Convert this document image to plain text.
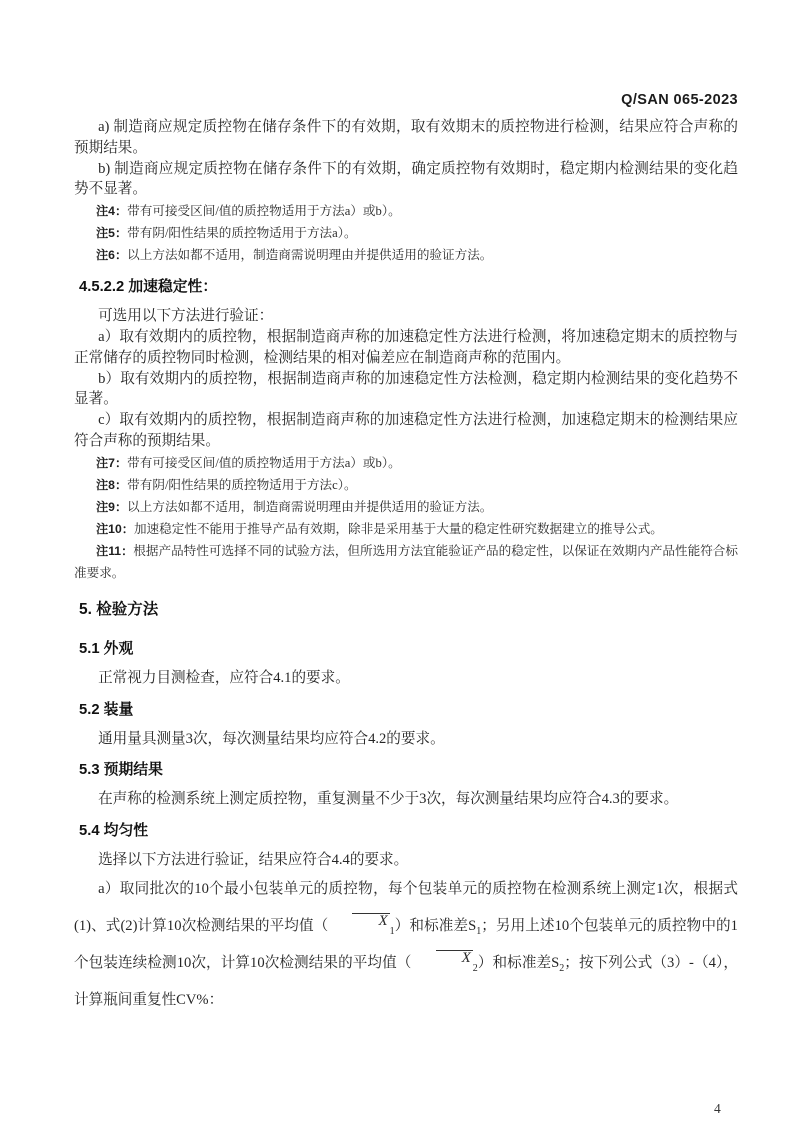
Q/SAN 065-2023

a) 制造商应规定质控物在储存条件下的有效期，取有效期末的质控物进行检测，结果应符合声称的预期结果。

b) 制造商应规定质控物在储存条件下的有效期，确定质控物有效期时，稳定期内检测结果的变化趋势不显著。

注4：带有可接受区间/值的质控物适用于方法a）或b）。

注5：带有阴/阳性结果的质控物适用于方法a）。

注6：以上方法如都不适用，制造商需说明理由并提供适用的验证方法。

4.5.2.2 加速稳定性：

可选用以下方法进行验证：

a）取有效期内的质控物，根据制造商声称的加速稳定性方法进行检测，将加速稳定期末的质控物与正常储存的质控物同时检测，检测结果的相对偏差应在制造商声称的范围内。

b）取有效期内的质控物，根据制造商声称的加速稳定性方法检测，稳定期内检测结果的变化趋势不显著。

c）取有效期内的质控物，根据制造商声称的加速稳定性方法进行检测，加速稳定期末的检测结果应符合声称的预期结果。

注7：带有可接受区间/值的质控物适用于方法a）或b）。

注8：带有阴/阳性结果的质控物适用于方法c）。

注9：以上方法如都不适用，制造商需说明理由并提供适用的验证方法。

注10：加速稳定性不能用于推导产品有效期，除非是采用基于大量的稳定性研究数据建立的推导公式。

注11：根据产品特性可选择不同的试验方法，但所选用方法宜能验证产品的稳定性，以保证在效期内产品性能符合标准要求。

5. 检验方法
5.1 外观

正常视力目测检查，应符合4.1的要求。

5.2 装量

通用量具测量3次，每次测量结果均应符合4.2的要求。

5.3 预期结果

在声称的检测系统上测定质控物，重复测量不少于3次，每次测量结果均应符合4.3的要求。

5.4 均匀性

选择以下方法进行验证，结果应符合4.4的要求。

a）取同批次的10个最小包装单元的质控物，每个包装单元的质控物在检测系统上测定1次，根据式(1)、式(2)计算10次检测结果的平均值（	$X_1$）和标准差$S_1$；另用上述10个包装单元的质控物中的1个包装连续检测10次，计算10次检测结果的平均值（	$X_2$）和标准差$S_2$；按下列公式（3）-（4），计算瓶间重复性CV%：

4
